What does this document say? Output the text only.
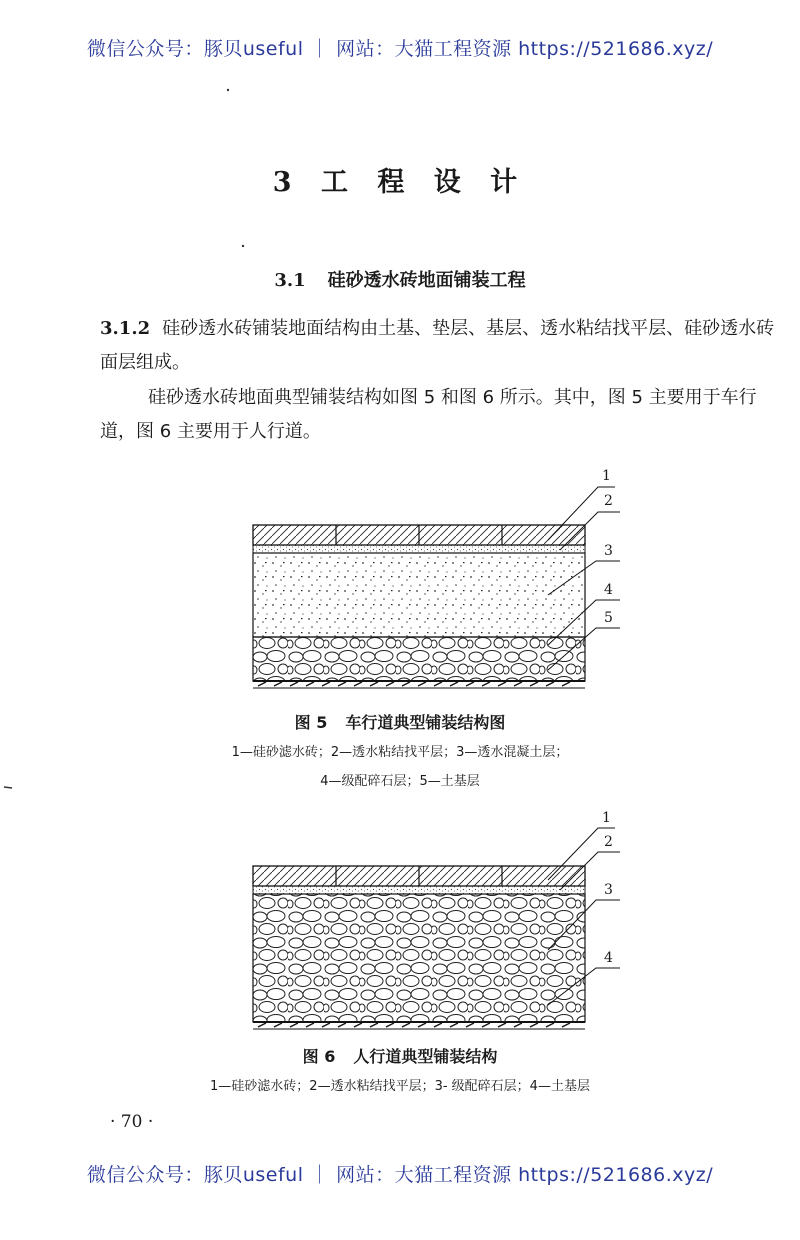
微信公众号：豚贝useful ｜ 网站：大猫工程资源 https://521686.xyz/
3 工 程 设 计
3.1 硅砂透水砖地面铺装工程
3.1.2 硅砂透水砖铺装地面结构由土基、垫层、基层、透水粘结找平层、硅砂透水砖面层组成。
硅砂透水砖地面典型铺装结构如图 5 和图 6 所示。其中，图 5 主要用于车行道，图 6 主要用于人行道。
1
2
3
4
5
图 5 车行道典型铺装结构图
1—硅砂滤水砖；2—透水粘结找平层；3—透水混凝土层；
4—级配碎石层；5—土基层
1
2
3
4
图 6 人行道典型铺装结构
1—硅砂滤水砖；2—透水粘结找平层；3- 级配碎石层；4—土基层
· 70 ·
微信公众号：豚贝useful ｜ 网站：大猫工程资源 https://521686.xyz/
